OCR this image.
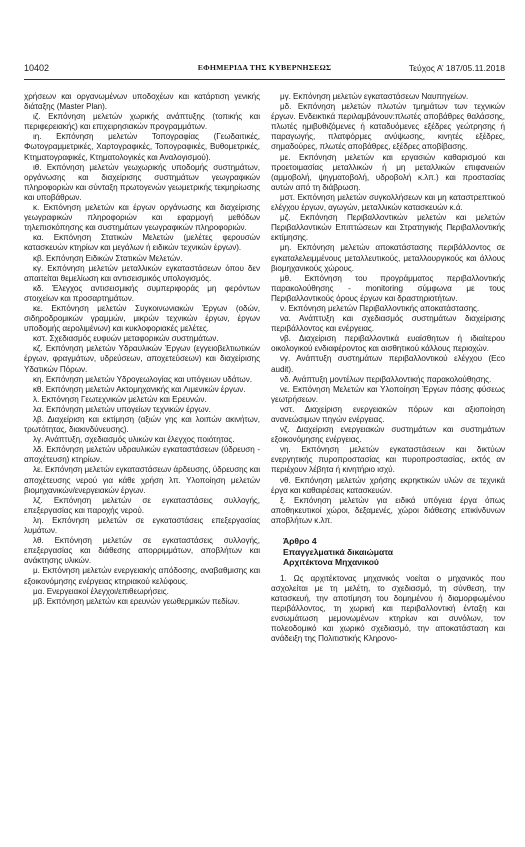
10402	ΕΦΗΜΕΡΙΔΑ ΤΗΣ ΚΥΒΕΡΝΗΣΕΩΣ	Τεύχος Α’ 187/05.11.2018

χρήσεων και οργανωμένων υποδοχέων και κατάρτιση γενικής διάταξης (Master Plan).

ιζ. Εκπόνηση μελετών χωρικής ανάπτυξης (τοπικής και περιφερειακής) και επιχειρησιακών προγραμμάτων.

ιη. Εκπόνηση μελετών Τοπογραφίας (Γεωδαιτικές, Φωτογραμμετρικές, Χαρτογραφικές, Τοπογραφικές, Βυθομετρικές, Κτηματογραφικές, Κτηματολογικές και Αναλογισμού).

ιθ. Εκπόνηση μελετών γεωχωρικής υποδομής συστημάτων, οργάνωσης και διαχείρισης συστημάτων γεωγραφικών πληροφοριών και σύνταξη πρωτογενών γεωμετρικής τεκμηρίωσης και υποβάθρων.

κ. Εκπόνηση μελετών και έργων οργάνωσης και διαχείρισης γεωγραφικών πληροφοριών και εφαρμογή μεθόδων τηλεπισκόπησης και συστημάτων γεωγραφικών πληροφοριών.

κα. Εκπόνηση Στατικών Μελετών (μελέτες φερουσών κατασκευών κτηρίων και μεγάλων ή ειδικών τεχνικών έργων).

κβ. Εκπόνηση Ειδικών Στατικών Μελετών.

κγ. Εκπόνηση μελετών μεταλλικών εγκαταστάσεων όπου δεν απαιτείται θεμελίωση και αντισεισμικός υπολογισμός.

κδ. Έλεγχος αντισεισμικής συμπεριφοράς μη φερόντων στοιχείων και προσαρτημάτων.

κε. Εκπόνηση μελετών Συγκοινωνιακών Έργων (οδών, σιδηροδρομικών γραμμών, μικρών τεχνικών έργων, έργων υποδομής αερολιμένων) και κυκλοφοριακές μελέτες.

κστ. Σχεδιασμός ευφυών μεταφορικών συστημάτων.

κζ. Εκπόνηση μελετών Υδραυλικών Έργων (εγγειοβελτιωτικών έργων, φραγμάτων, υδρεύσεων, αποχετεύσεων) και διαχείρισης Υδατικών Πόρων.

κη. Εκπόνηση μελετών Υδρογεωλογίας και υπόγειων υδάτων.

κθ. Εκπόνηση μελετών Ακτομηχανικής και Λιμενικών έργων.

λ. Εκπόνηση Γεωτεχνικών μελετών και Ερευνών.

λα. Εκπόνηση μελετών υπογείων τεχνικών έργων.

λβ. Διαχείριση και εκτίμηση (αξιών γης και λοιπών ακινήτων, τρωτότητας, διακινδύνευσης).

λγ. Ανάπτυξη, σχεδιασμός υλικών και έλεγχος ποιότητας.

λδ. Εκπόνηση μελετών υδραυλικών εγκαταστάσεων (ύδρευση - αποχέτευση) κτηρίων.

λε. Εκπόνηση μελετών εγκαταστάσεων άρδευσης, ύδρευσης και αποχέτευσης νερού για κάθε χρήση λπ. Υλοποίηση μελετών βιομηχανικών/ενεργειακών έργων.

λζ. Εκπόνηση μελετών σε εγκαταστάσεις συλλογής, επεξεργασίας και παροχής νερού.

λη. Εκπόνηση μελετών σε εγκαταστάσεις επεξεργασίας λυμάτων.

λθ. Εκπόνηση μελετών σε εγκαταστάσεις συλλογής, επεξεργασίας και διάθεσης απορριμμάτων, αποβλήτων και ανάκτησης υλικών.

μ. Εκπόνηση μελετών ενεργειακής απόδοσης, αναβαθμισης και εξοικονόμησης ενέργειας κτηριακού κελύφους.

μα. Ενεργειακοί έλεγχοι/επιθεωρήσεις.

μβ. Εκπόνηση μελετών και ερευνών γεωθερμικών πεδίων.

μγ. Εκπόνηση μελετών εγκαταστάσεων Ναυπηγείων.

μδ. Εκπόνηση μελετών πλωτών τμημάτων των τεχνικών έργων. Ενδεικτικά περιλαμβάνουν:πλωτές αποβάθρες θαλάσσης, πλωτές ημιβυθιζόμενες ή καταδυόμενες εξέδρες γεώτρησης ή παραγωγής, πλατφόρμες ανύψωσης, κινητές εξέδρες, σημαδούρες, πλωτές αποβάθρες, εξέδρες αποβίβασης.

με. Εκπόνηση μελετών και εργασιών καθαρισμού και προετοιμασίας μεταλλικών ή μη μεταλλικών επιφανειών (αμμοβολή, ψηγματοβολή, υδροβολή κ.λπ.) και προστασίας αυτών από τη διάβρωση.

μστ. Εκπόνηση μελετών συγκολλήσεων και μη καταστρεπτικού ελέγχου έργων, αγωγών, μεταλλικών κατασκευών κ.ά.

μζ. Εκπόνηση Περιβαλλοντικών μελετών και μελετών Περιβαλλοντικών Επιπτώσεων και Στρατηγικής Περιβαλλοντικής εκτίμησης.

μη. Εκπόνηση μελετών αποκατάστασης περιβάλλοντος σε εγκαταλελειμμένους μεταλλευτικούς, μεταλλουργικούς και άλλους βιομηχανικούς χώρους.

μθ. Εκπόνηση του προγράμματος περιβαλλοντικής παρακολούθησης - monitoring σύμφωνα με τους Περιβαλλοντικούς όρους έργων και δραστηριοτήτων.

ν. Εκπόνηση μελετών Περιβαλλοντικής αποκατάστασης.

να. Ανάπτυξη και σχεδιασμός συστημάτων διαχείρισης περιβάλλοντος και ενέργειας.

νβ. Διαχείριση περιβαλλοντικά ευαίσθητων ή ιδιαίτερου οικολογικού ενδιαφέροντος και αισθητικού κάλλους περιοχών.

νγ. Ανάπτυξη συστημάτων περιβαλλοντικού ελέγχου (Eco audit).

νδ. Ανάπτυξη μοντέλων περιβαλλοντικής παρακολούθησης.

νε. Εκπόνηση Μελετών και Υλοποίηση Έργων πάσης φύσεως γεωτρήσεων.

νστ. Διαχείριση ενεργειακών πόρων και αξιοποίηση ανανεώσιμων πηγών ενέργειας.

νζ. Διαχείριση ενεργειακών συστημάτων και συστημάτων εξοικονόμησης ενέργειας.

νη. Εκπόνηση μελετών εγκαταστάσεων και δικτύων ενεργητικής πυροπροστασίας και πυροπροστασίας, εκτός αν περιέχουν λέβητα ή κινητήριο ισχύ.

νθ. Εκπόνηση μελετών χρήσης εκρηκτικών υλών σε τεχνικά έργα και καθαιρέσεις κατασκευών.

ξ. Εκπόνηση μελετών για ειδικά υπόγεια έργα όπως αποθηκευτικοί χώροι, δεξαμενές, χώροι διάθεσης επικίνδυνων αποβλήτων κ.λπ.

Άρθρο 4
Επαγγελματικά δικαιώματα
Αρχιτέκτονα Μηχανικού

1. Ως αρχιτέκτονας μηχανικός νοείται ο μηχανικός που ασχολείται με τη μελέτη, το σχεδιασμό, τη σύνθεση, την κατασκευή, την αποτίμηση του δομημένου ή διαμορφωμένου περιβάλλοντος, τη χωρική και περιβαλλοντική ένταξη και ενσωμάτωση μεμονωμένων κτηρίων και συνόλων, τον πολεοδομικό και χωρικό σχεδιασμό, την αποκατάσταση και ανάδειξη της Πολιτιστικής Κληρονο-
